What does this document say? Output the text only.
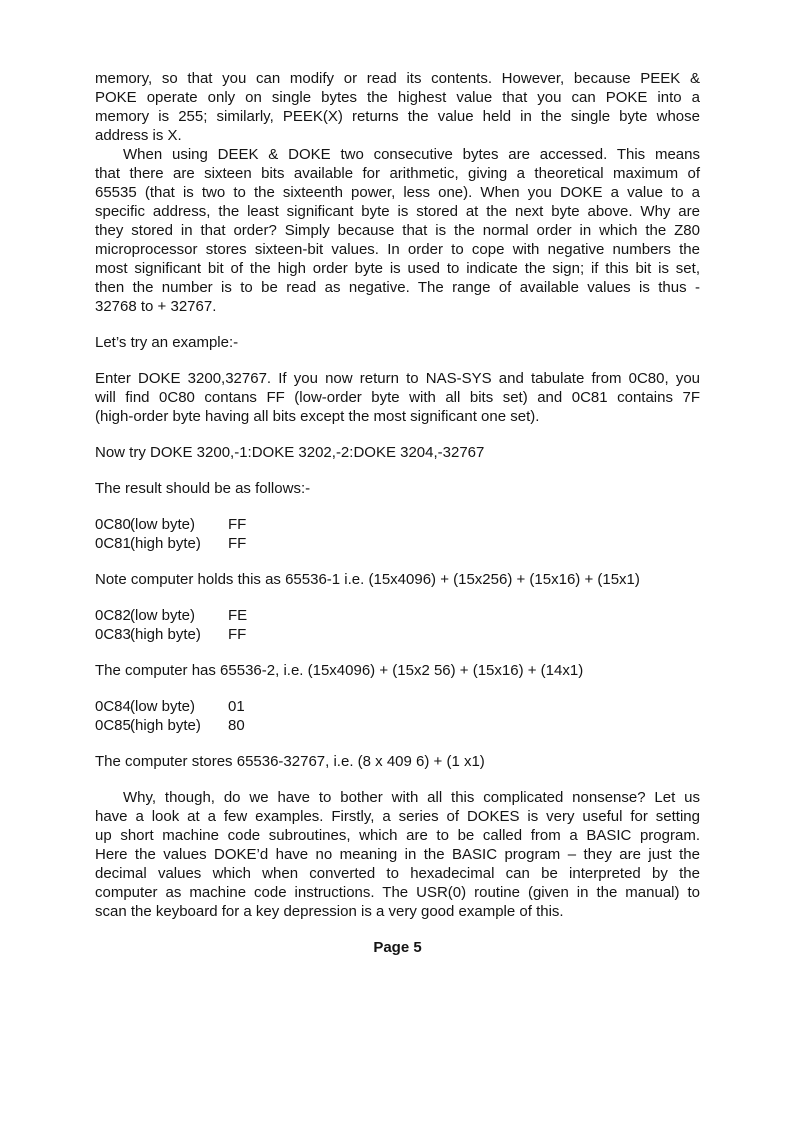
memory, so that you can modify or read its contents. However, because PEEK &
POKE operate only on single bytes the highest value that you can POKE into a
memory is 255; similarly, PEEK(X) returns the value held in the single byte whose
address is X.
When using DEEK & DOKE two consecutive bytes are accessed. This means
that there are sixteen bits available for arithmetic, giving a theoretical maximum of
65535 (that is two to the sixteenth power, less one). When you DOKE a value to a
specific address, the least significant byte is stored at the next byte above. Why are
they stored in that order? Simply because that is the normal order in which the Z80
microprocessor stores sixteen-bit values. In order to cope with negative numbers the
most significant bit of the high order byte is used to indicate the sign; if this bit is set,
then the number is to be read as negative. The range of available values is thus -
32768 to + 32767.
Let’s try an example:-
Enter DOKE 3200,32767. If you now return to NAS-SYS and tabulate from 0C80, you
will find 0C80 contans FF (low-order byte with all bits set) and 0C81 contains 7F
(high-order byte having all bits except the most significant one set).
Now try DOKE 3200,-1:DOKE 3202,-2:DOKE 3204,-32767
The result should be as follows:-
0C80 (low byte)	FF
0C81 (high byte)	FF
Note computer holds this as 65536-1 i.e. (15x4096) + (15x256) + (15x16) + (15x1)
0C82 (low byte)	FE
0C83 (high byte)	FF
The computer has 65536-2, i.e. (15x4096) + (15x2 56) + (15x16) + (14x1)
0C84 (low byte)	01
0C85 (high byte)	80
The computer stores 65536-32767, i.e. (8 x 409 6) + (1 x1)
Why, though, do we have to bother with all this complicated nonsense? Let us
have a look at a few examples. Firstly, a series of DOKES is very useful for setting
up short machine code subroutines, which are to be called from a BASIC program.
Here the values DOKE’d have no meaning in the BASIC program – they are just the
decimal values which when converted to hexadecimal can be interpreted by the
computer as machine code instructions. The USR(0) routine (given in the manual) to
scan the keyboard for a key depression is a very good example of this.
Page 5
